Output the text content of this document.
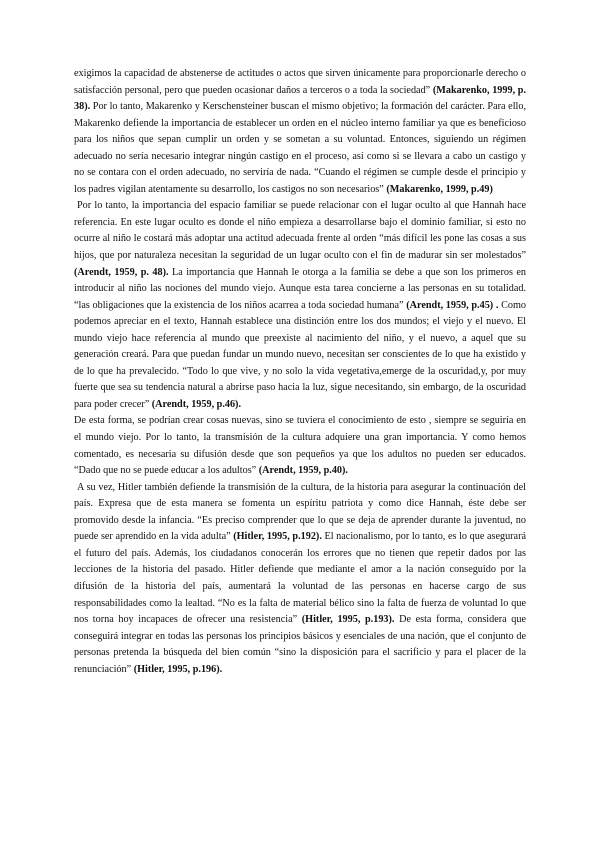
exigimos la capacidad de abstenerse de actitudes o actos que sirven únicamente para proporcionarle derecho o satisfacción personal, pero que pueden ocasionar daños a terceros o a toda la sociedad” (Makarenko, 1999, p. 38). Por lo tanto, Makarenko y Kerschensteiner buscan el mismo objetivo; la formación del carácter. Para ello, Makarenko defiende la importancia de establecer un orden en el núcleo interno familiar ya que es beneficioso para los niños que sepan cumplir un orden y se sometan a su voluntad. Entonces, siguiendo un régimen adecuado no sería necesario integrar ningún castigo en el proceso, así como si se llevara a cabo un castigo y no se contara con el orden adecuado, no serviría de nada. “Cuando el régimen se cumple desde el principio y los padres vigilan atentamente su desarrollo, los castigos no son necesarios” (Makarenko, 1999, p.49)

Por lo tanto, la importancia del espacio familiar se puede relacionar con el lugar oculto al que Hannah hace referencia. En este lugar oculto es donde el niño empieza a desarrollarse bajo el dominio familiar, si esto no ocurre al niño le costará más adoptar una actitud adecuada frente al orden “más difícil les pone las cosas a sus hijos, que por naturaleza necesitan la seguridad de un lugar oculto con el fin de madurar sin ser molestados” (Arendt, 1959, p. 48). La importancia que Hannah le otorga a la familia se debe a que son los primeros en introducir al niño las nociones del mundo viejo. Aunque esta tarea concierne a las personas en su totalidad. “las obligaciones que la existencia de los niños acarrea a toda sociedad humana” (Arendt, 1959, p.45) . Como podemos apreciar en el texto, Hannah establece una distinción entre los dos mundos; el viejo y el nuevo. El mundo viejo hace referencia al mundo que preexiste al nacimiento del niño, y el nuevo, a aquel que su generación creará. Para que puedan fundar un mundo nuevo, necesitan ser conscientes de lo que ha existido y de lo que ha prevalecido. “Todo lo que vive, y no solo la vida vegetativa,emerge de la oscuridad,y, por muy fuerte que sea su tendencia natural a abrirse paso hacia la luz, sigue necesitando, sin embargo, de la oscuridad para poder crecer” (Arendt, 1959, p.46).

De esta forma, se podrían crear cosas nuevas, sino se tuviera el conocimiento de esto , siempre se seguiría en el mundo viejo. Por lo tanto, la transmisión de la cultura adquiere una gran importancia. Y como hemos comentado, es necesaria su difusión desde que son pequeños ya que los adultos no pueden ser educados. “Dado que no se puede educar a los adultos” (Arendt, 1959, p.40).

A su vez, Hitler también defiende la transmisión de la cultura, de la historia para asegurar la continuación del país. Expresa que de esta manera se fomenta un espíritu patriota y como dice Hannah, éste debe ser promovido desde la infancia. “Es preciso comprender que lo que se deja de aprender durante la juventud, no puede ser aprendido en la vida adulta” (Hitler, 1995, p.192). El nacionalismo, por lo tanto, es lo que asegurará el futuro del país. Además, los ciudadanos conocerán los errores que no tienen que repetir dados por las lecciones de la historia del pasado. Hitler defiende que mediante el amor a la nación conseguido por la difusión de la historia del país, aumentará la voluntad de las personas en hacerse cargo de sus responsabilidades como la lealtad. “No es la falta de material bélico sino la falta de fuerza de voluntad lo que nos torna hoy incapaces de ofrecer una resistencia” (Hitler, 1995, p.193). De esta forma, considera que conseguirá integrar en todas las personas los principios básicos y esenciales de una nación, que el conjunto de personas pretenda la búsqueda del bien común “sino la disposición para el sacrificio y para el placer de la renunciación” (Hitler, 1995, p.196).
